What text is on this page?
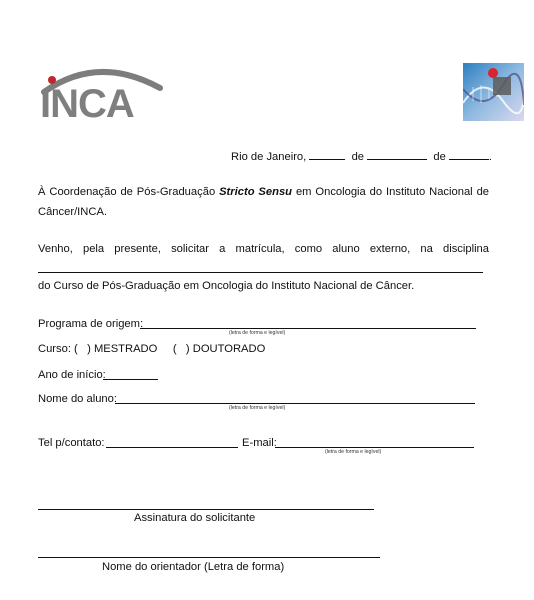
INCA
Rio de Janeiro,	de	de	.
À Coordenação de Pós-Graduação Stricto Sensu em Oncologia do Instituto Nacional de
Câncer/INCA.
Venho, pela presente, solicitar a matrícula, como aluno externo, na disciplina
do Curso de Pós-Graduação em Oncologia do Instituto Nacional de Câncer.
Programa de origem:
(letra de forma e legível)
Curso: (   ) MESTRADO     (   ) DOUTORADO
Ano de início:
Nome do aluno:
(letra de forma e legível)
Tel p/contato:	E-mail:
(letra de forma e legível)
Assinatura do solicitante
Nome do orientador (Letra de forma)
